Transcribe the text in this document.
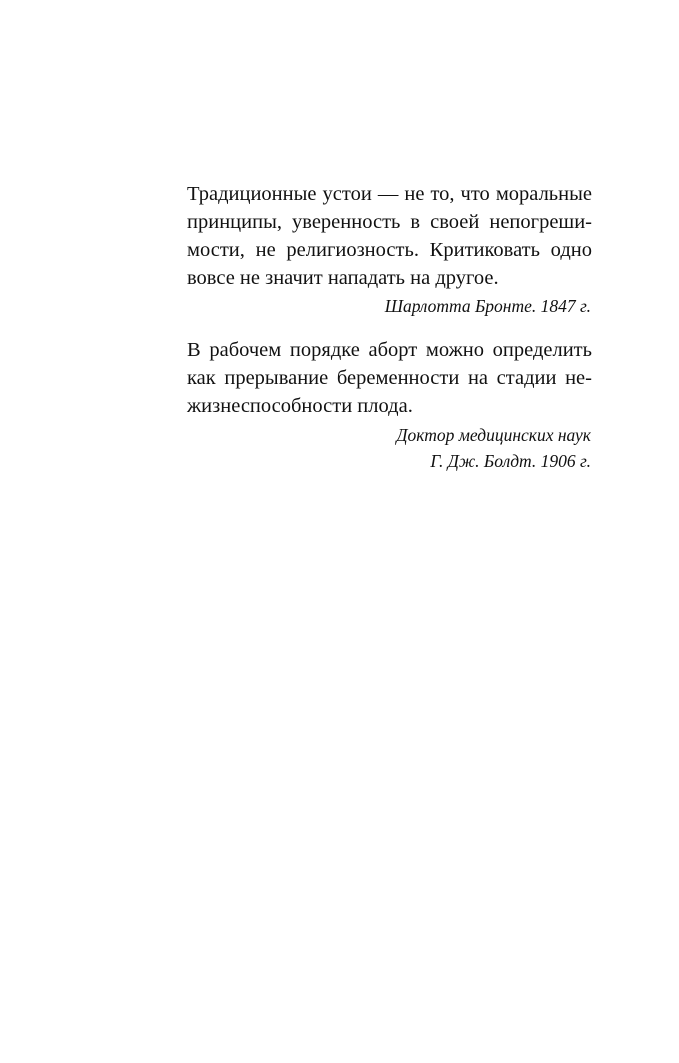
Традиционные устои — не то, что моральные
принципы, уверенность в своей непогреши-
мости, не религиозность. Критиковать одно
вовсе не значит нападать на другое.

Шарлотта Бронте. 1847 г.

В рабочем порядке аборт можно определить
как прерывание беременности на стадии не-
жизнеспособности плода.

Доктор медицинских наук
Г. Дж. Болдт. 1906 г.
